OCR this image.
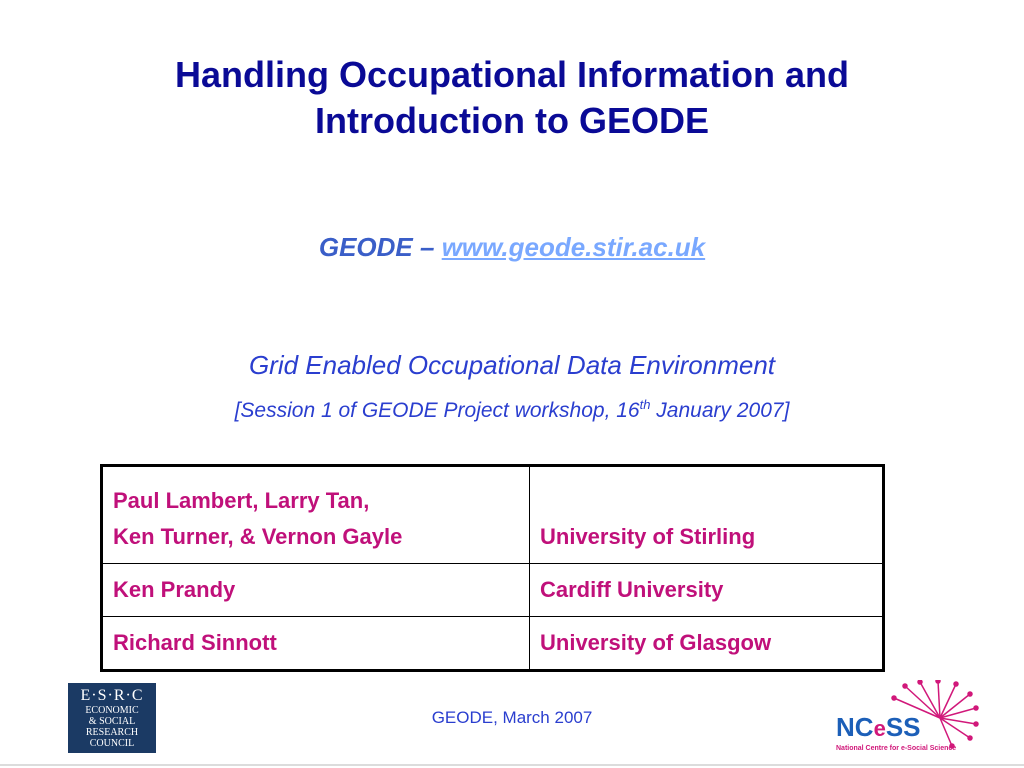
Handling Occupational Information and
Introduction to GEODE
GEODE – www.geode.stir.ac.uk
Grid Enabled Occupational Data Environment
[Session 1 of GEODE Project workshop, 16th January 2007]
Paul Lambert, Larry Tan,
Ken Turner, & Vernon Gayle	University of Stirling
Ken Prandy	Cardiff University
Richard Sinnott	University of Glasgow
E·S·R·C
ECONOMIC
& SOCIAL
RESEARCH
COUNCIL
GEODE, March 2007	NCeSS
National Centre for e-Social Science
